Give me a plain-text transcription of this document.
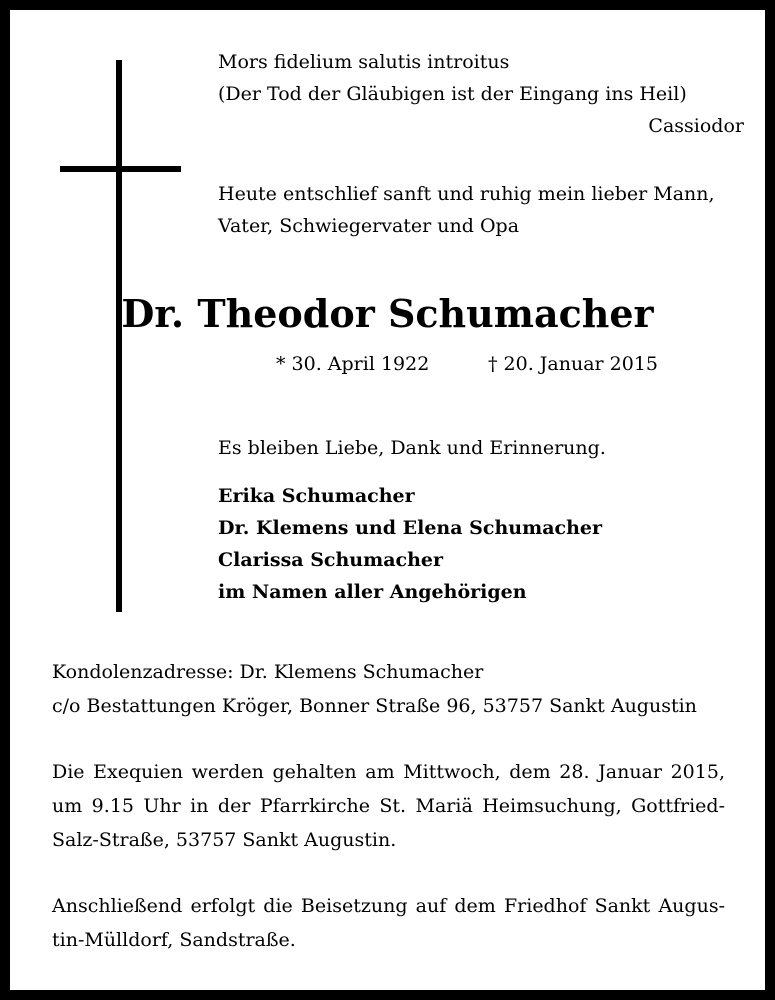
Mors fidelium salutis introitus
(Der Tod der Gläubigen ist der Eingang ins Heil)
Cassiodor
Heute entschlief sanft und ruhig mein lieber Mann,
Vater, Schwiegervater und Opa
Dr. Theodor Schumacher
* 30. April 1922	† 20. Januar 2015
Es bleiben Liebe, Dank und Erinnerung.
Erika Schumacher
Dr. Klemens und Elena Schumacher
Clarissa Schumacher
im Namen aller Angehörigen
Kondolenzadresse: Dr. Klemens Schumacher
c/o Bestattungen Kröger, Bonner Straße 96, 53757 Sankt Augustin
Die Exequien werden gehalten am Mittwoch, dem 28. Januar 2015,
um 9.15 Uhr in der Pfarrkirche St. Mariä Heimsuchung, Gottfried-
Salz-Straße, 53757 Sankt Augustin.
Anschließend erfolgt die Beisetzung auf dem Friedhof Sankt Augus-
tin-Mülldorf, Sandstraße.
